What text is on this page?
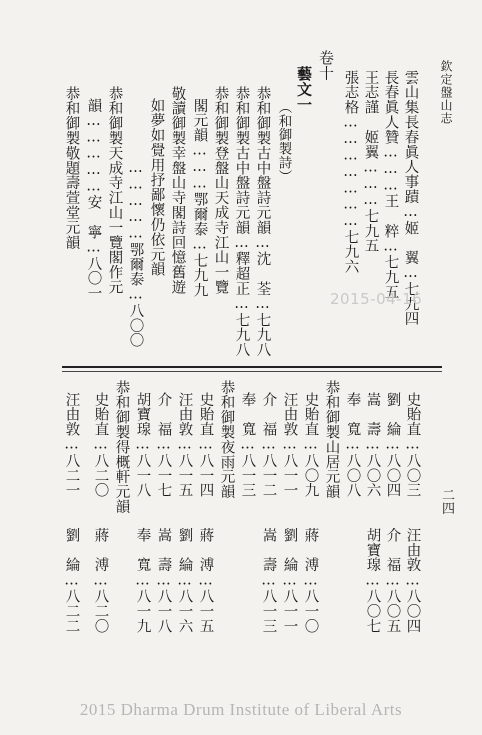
欽定盤山志
二四
雲山集長春眞人事蹟…姬　翼…七九四
長春眞人贊………王　粹…七九五
王志謹　姬翼………七九五
張志格…………………七九六
卷十
藝文一
（和御製詩）
恭和御製古中盤詩元韻…沈　荃…七九八
恭和御製古中盤詩元韻…釋超正…七九八
恭和御製登盤山天成寺江山一覽
閣元韻………鄂爾泰…七九九
敬讀御製幸盤山寺閣詩回憶舊遊
如夢如覺用抒鄙懷仍依元韻
……………鄂爾泰…八〇〇
恭和御製天成寺江山一覽閣作元
韻……………安　寧…八〇一
恭和御製敬題壽萱堂元韻
史貽直…八〇三　　汪由敦…八〇四
劉　綸…八〇四　　介　福…八〇五
嵩　壽…八〇六　　胡寶瑔…八〇七
奉　寬…八〇八
恭和御製山居元韻
史貽直…八〇九　　蔣　溥…八一〇
汪由敦…八一一　　劉　綸…八一一
介　福…八一二　　嵩　壽…八一三
奉　寬…八一三
恭和御製夜雨元韻
史貽直…八一四　　蔣　溥…八一五
汪由敦…八一五　　劉　綸…八一六
介　福…八一七　　嵩　壽…八一八
胡寶瑔…八一八　　奉　寬…八一九
恭和御製得概軒元韻
史貽直…八二〇　　蔣　溥…八二〇
汪由敦…八二一　　劉　綸…八二二
2015-04-16
2015 Dharma Drum Institute of Liberal Arts
